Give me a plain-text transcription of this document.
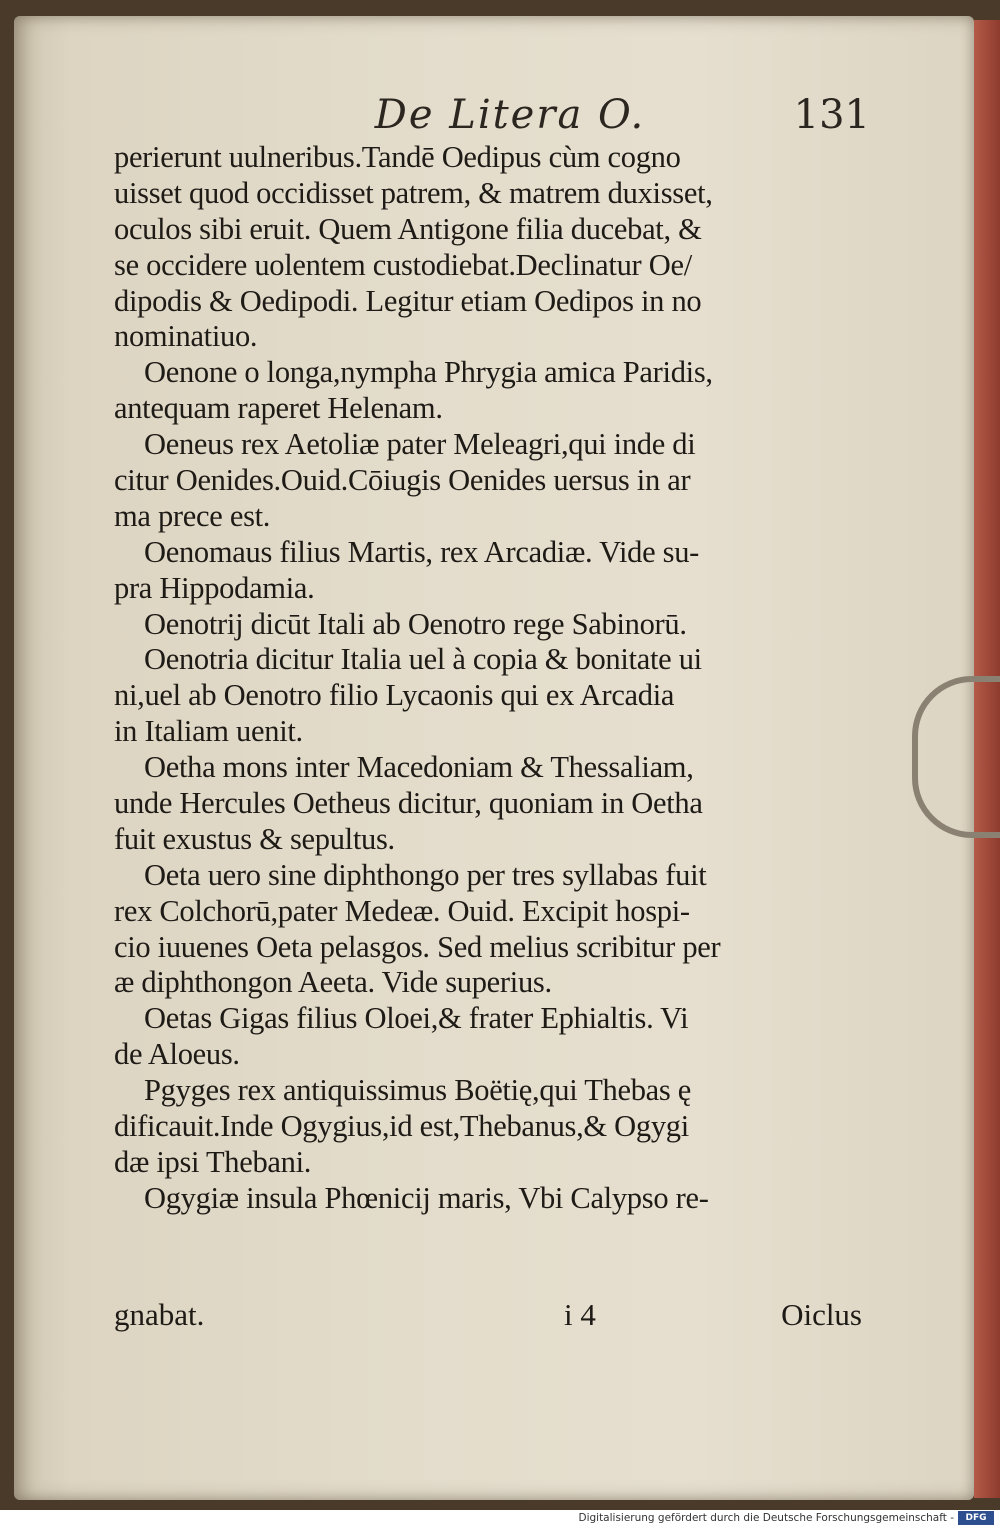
De Litera O.	131
perierunt uulneribus.Tandē Oedipus cùm cogno
uisset quod occidisset patrem, & matrem duxisset,
oculos sibi eruit. Quem Antigone filia ducebat, &
se occidere uolentem custodiebat.Declinatur Oe/
dipodis & Oedipodi. Legitur etiam Oedipos in no
nominatiuo.
Oenone o longa,nympha Phrygia amica Paridis,
antequam raperet Helenam.
Oeneus rex Aetoliæ pater Meleagri,qui inde di
citur Oenides.Ouid.Cōiugis Oenides uersus in ar
ma prece est.
Oenomaus filius Martis, rex Arcadiæ. Vide su-
pra Hippodamia.
Oenotrij dicūt Itali ab Oenotro rege Sabinorū.
Oenotria dicitur Italia uel à copia & bonitate ui
ni,uel ab Oenotro filio Lycaonis qui ex Arcadia
in Italiam uenit.
Oetha mons inter Macedoniam & Thessaliam,
unde Hercules Oetheus dicitur, quoniam in Oetha
fuit exustus & sepultus.
Oeta uero sine diphthongo per tres syllabas fuit
rex Colchorū,pater Medeæ. Ouid. Excipit hospi-
cio iuuenes Oeta pelasgos. Sed melius scribitur per
æ diphthongon Aeeta. Vide superius.
Oetas Gigas filius Oloei,& frater Ephialtis. Vi
de Aloeus.
Pgyges rex antiquissimus Boëtię,qui Thebas ę
dificauit.Inde Ogygius,id est,Thebanus,& Ogygi
dæ ipsi Thebani.
Ogygiæ insula Phœnicij maris, Vbi Calypso re-
gnabat.	i 4	Oiclus
Digitalisierung gefördert durch die Deutsche Forschungsgemeinschaft -	DFG
